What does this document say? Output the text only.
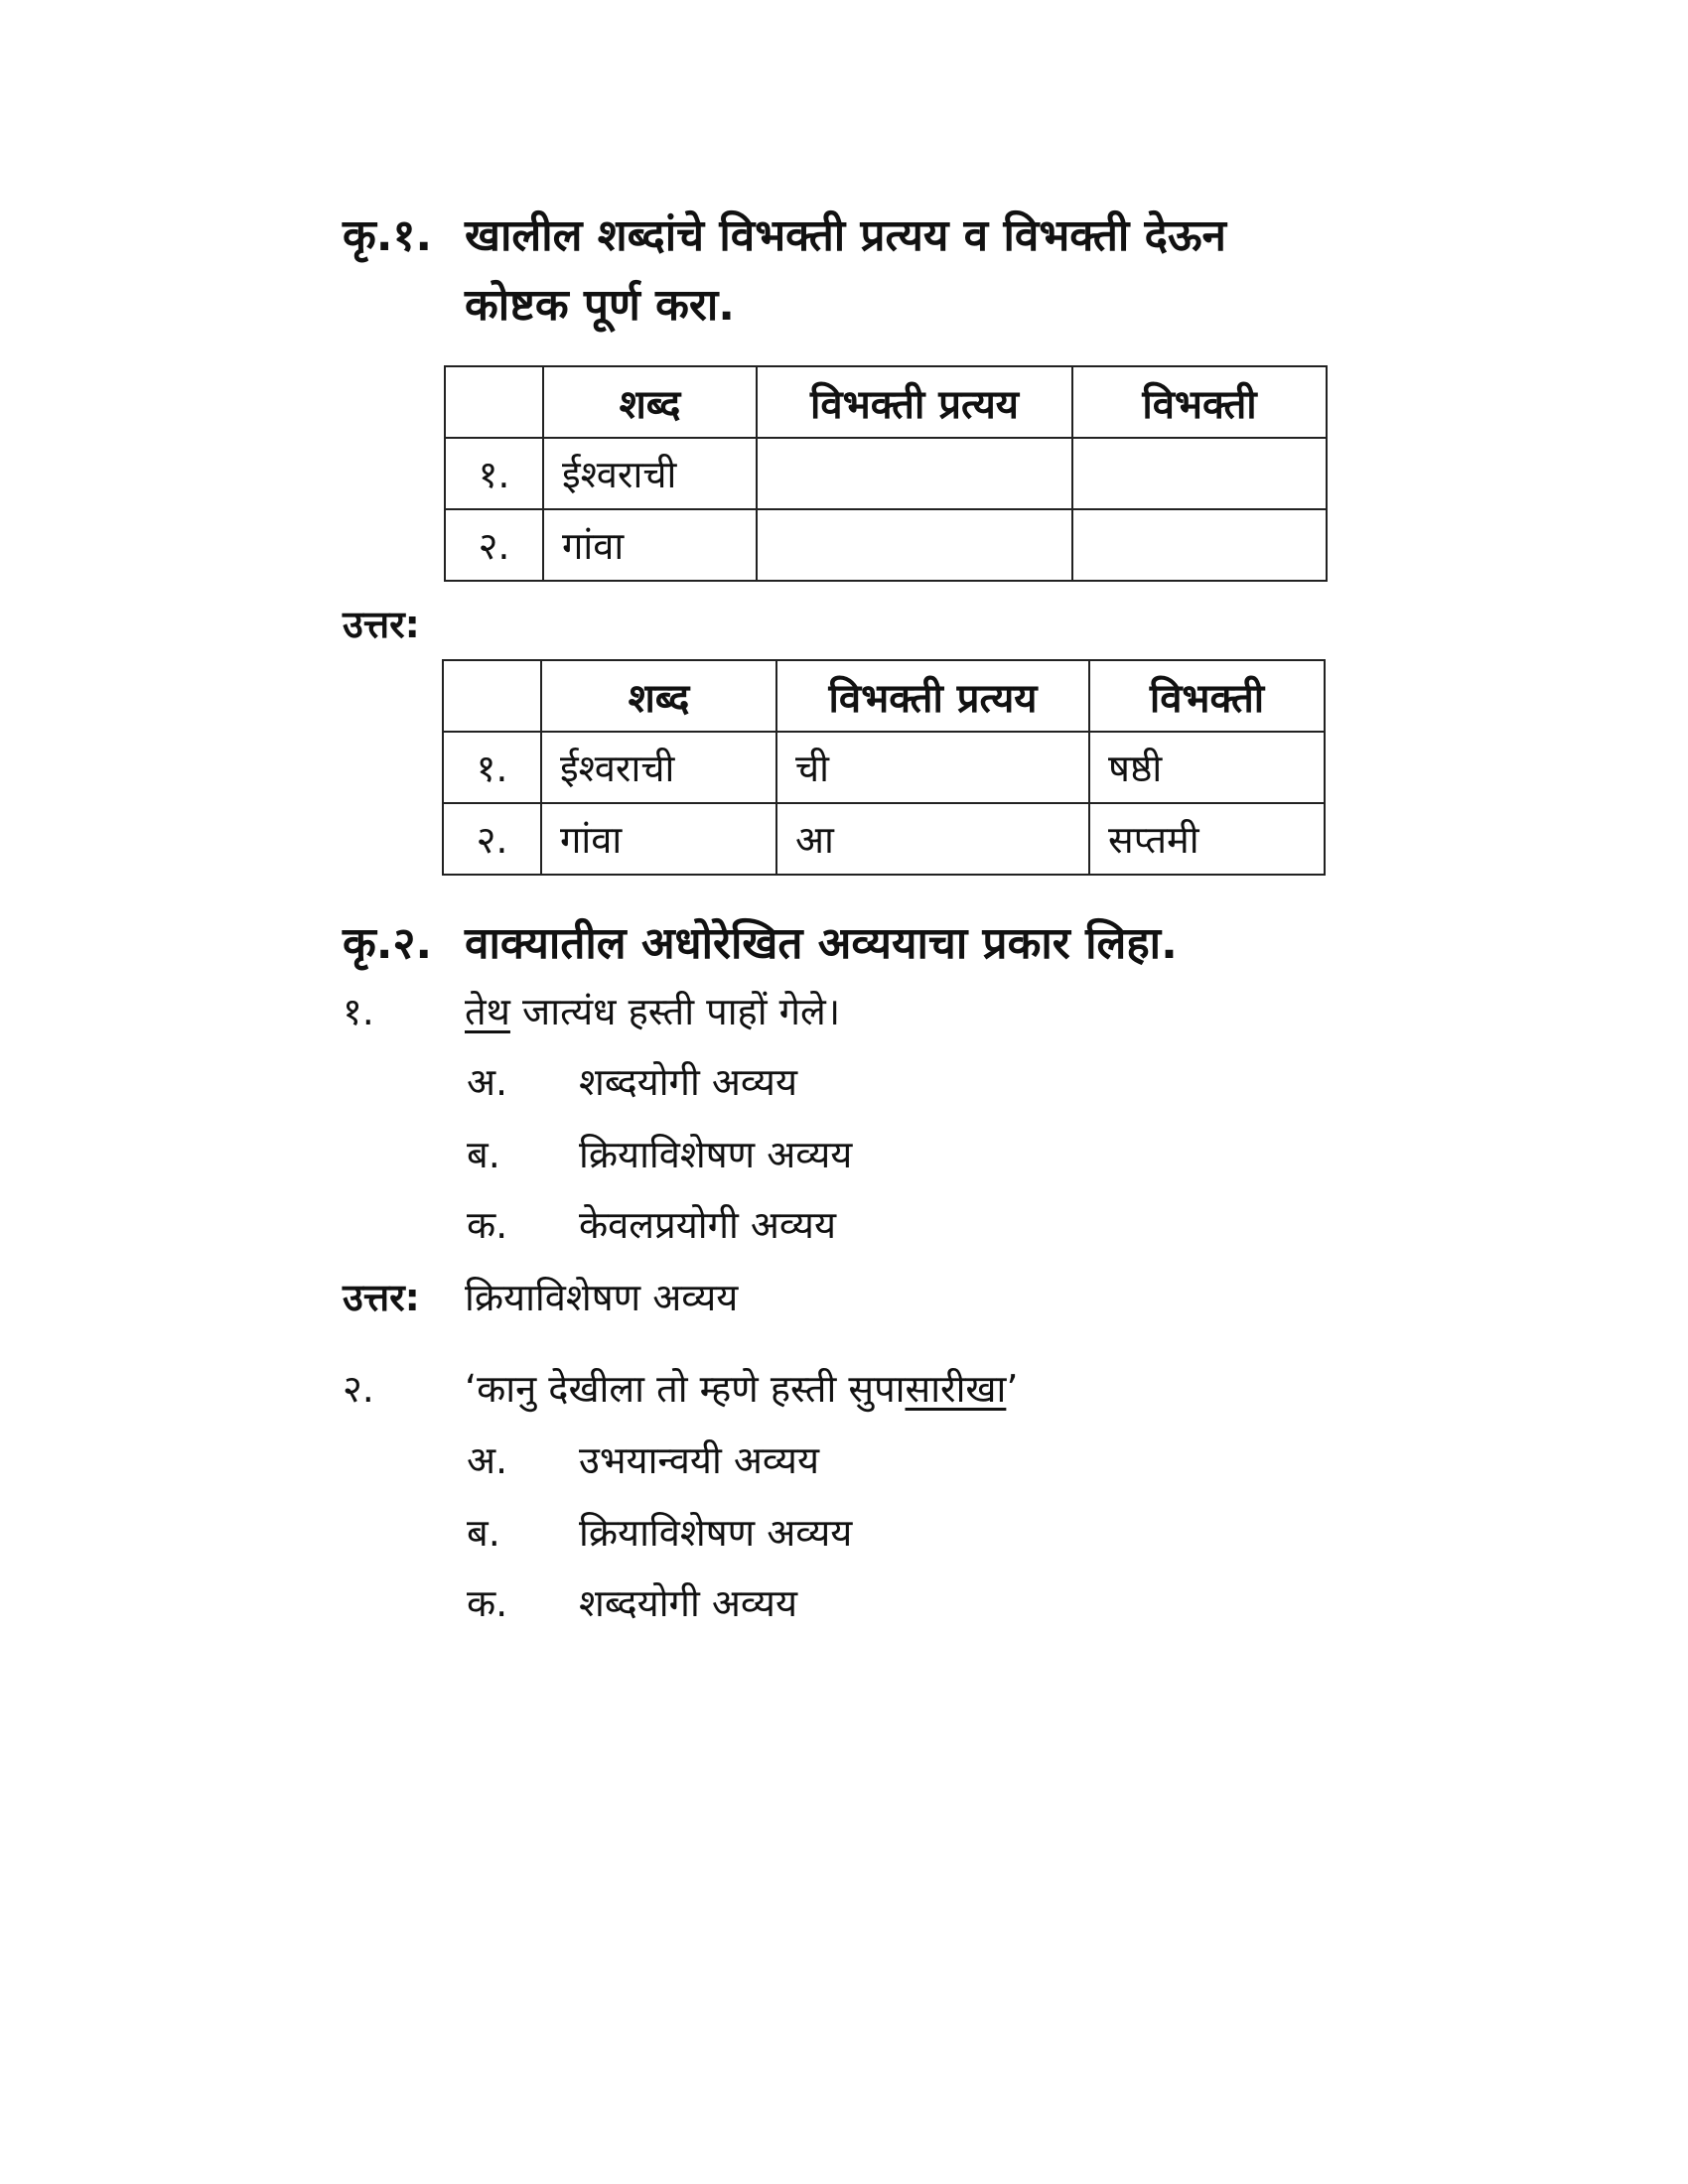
कृ.१. खालील शब्दांचे विभक्ती प्रत्यय व विभक्ती देऊन
कोष्टक पूर्ण करा.
	शब्द	विभक्ती प्रत्यय	विभक्ती
१.	ईश्वराची		
२.	गांवा		
उत्तर:
	शब्द	विभक्ती प्रत्यय	विभक्ती
१.	ईश्वराची	ची	षष्ठी
२.	गांवा	आ	सप्तमी
कृ.२. वाक्यातील अधोरेखित अव्ययाचा प्रकार लिहा.
१. तेथ जात्यंध हस्ती पाहों गेले।
अ. शब्दयोगी अव्यय
ब. क्रियाविशेषण अव्यय
क. केवलप्रयोगी अव्यय
उत्तर: क्रियाविशेषण अव्यय
२. ‘कानु देखीला तो म्हणे हस्ती सुपासारीखा’
अ. उभयान्वयी अव्यय
ब. क्रियाविशेषण अव्यय
क. शब्दयोगी अव्यय
